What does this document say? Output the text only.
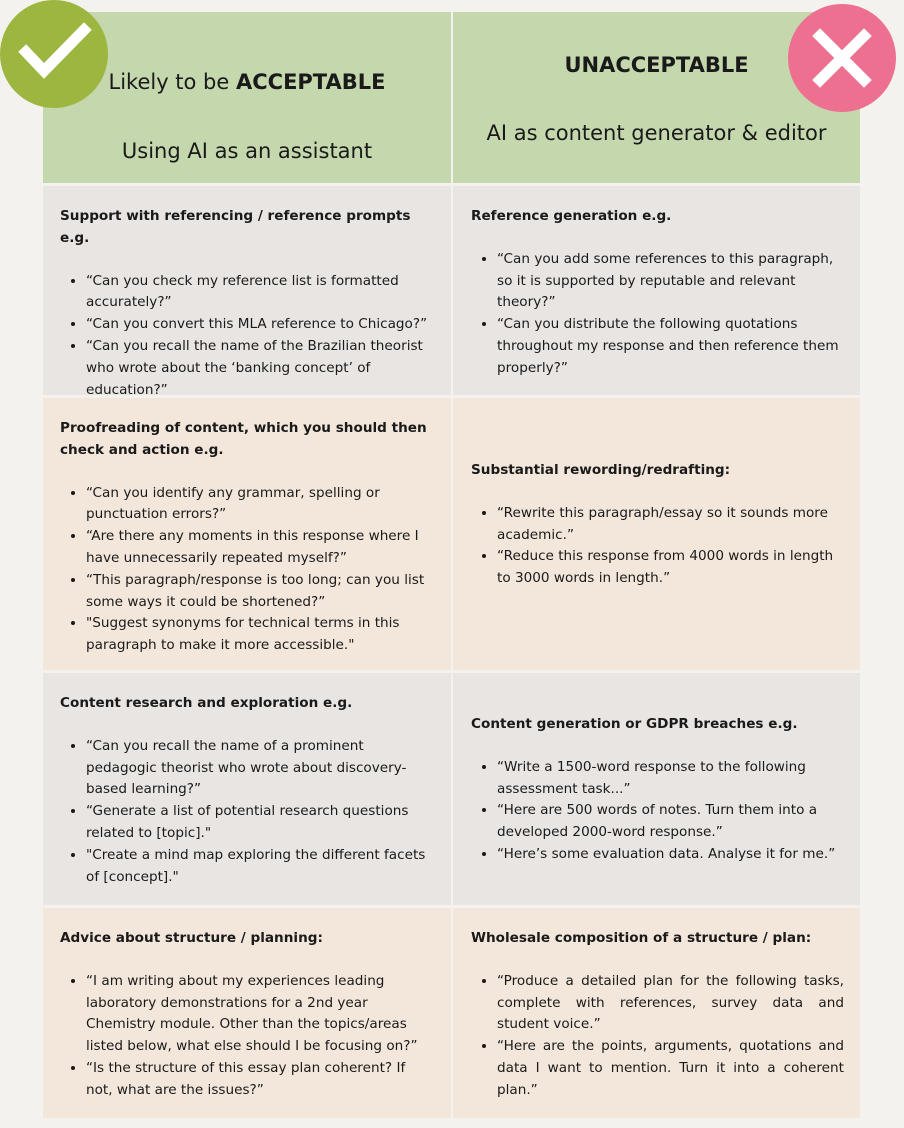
Likely to be ACCEPTABLE
Using AI as an assistant
UNACCEPTABLE
AI as content generator & editor
Support with referencing / reference prompts e.g.
• “Can you check my reference list is formatted accurately?”
• “Can you convert this MLA reference to Chicago?”
• “Can you recall the name of the Brazilian theorist who wrote about the ‘banking concept’ of education?”
Reference generation e.g.
• “Can you add some references to this paragraph, so it is supported by reputable and relevant theory?”
• “Can you distribute the following quotations throughout my response and then reference them properly?”
Proofreading of content, which you should then check and action e.g.
• “Can you identify any grammar, spelling or punctuation errors?”
• “Are there any moments in this response where I have unnecessarily repeated myself?”
• “This paragraph/response is too long; can you list some ways it could be shortened?”
• "Suggest synonyms for technical terms in this paragraph to make it more accessible."
Substantial rewording/redrafting:
• “Rewrite this paragraph/essay so it sounds more academic.”
• “Reduce this response from 4000 words in length to 3000 words in length.”
Content research and exploration e.g.
• “Can you recall the name of a prominent pedagogic theorist who wrote about discovery-based learning?”
• “Generate a list of potential research questions related to [topic]."
• "Create a mind map exploring the different facets of [concept]."
Content generation or GDPR breaches e.g.
• “Write a 1500-word response to the following assessment task...”
• “Here are 500 words of notes. Turn them into a developed 2000-word response.”
• “Here’s some evaluation data. Analyse it for me.”
Advice about structure / planning:
• “I am writing about my experiences leading laboratory demonstrations for a 2nd year Chemistry module. Other than the topics/areas listed below, what else should I be focusing on?”
• “Is the structure of this essay plan coherent? If not, what are the issues?”
Wholesale composition of a structure / plan:
• “Produce a detailed plan for the following tasks, complete with references, survey data and student voice.”
• “Here are the points, arguments, quotations and data I want to mention. Turn it into a coherent plan.”
